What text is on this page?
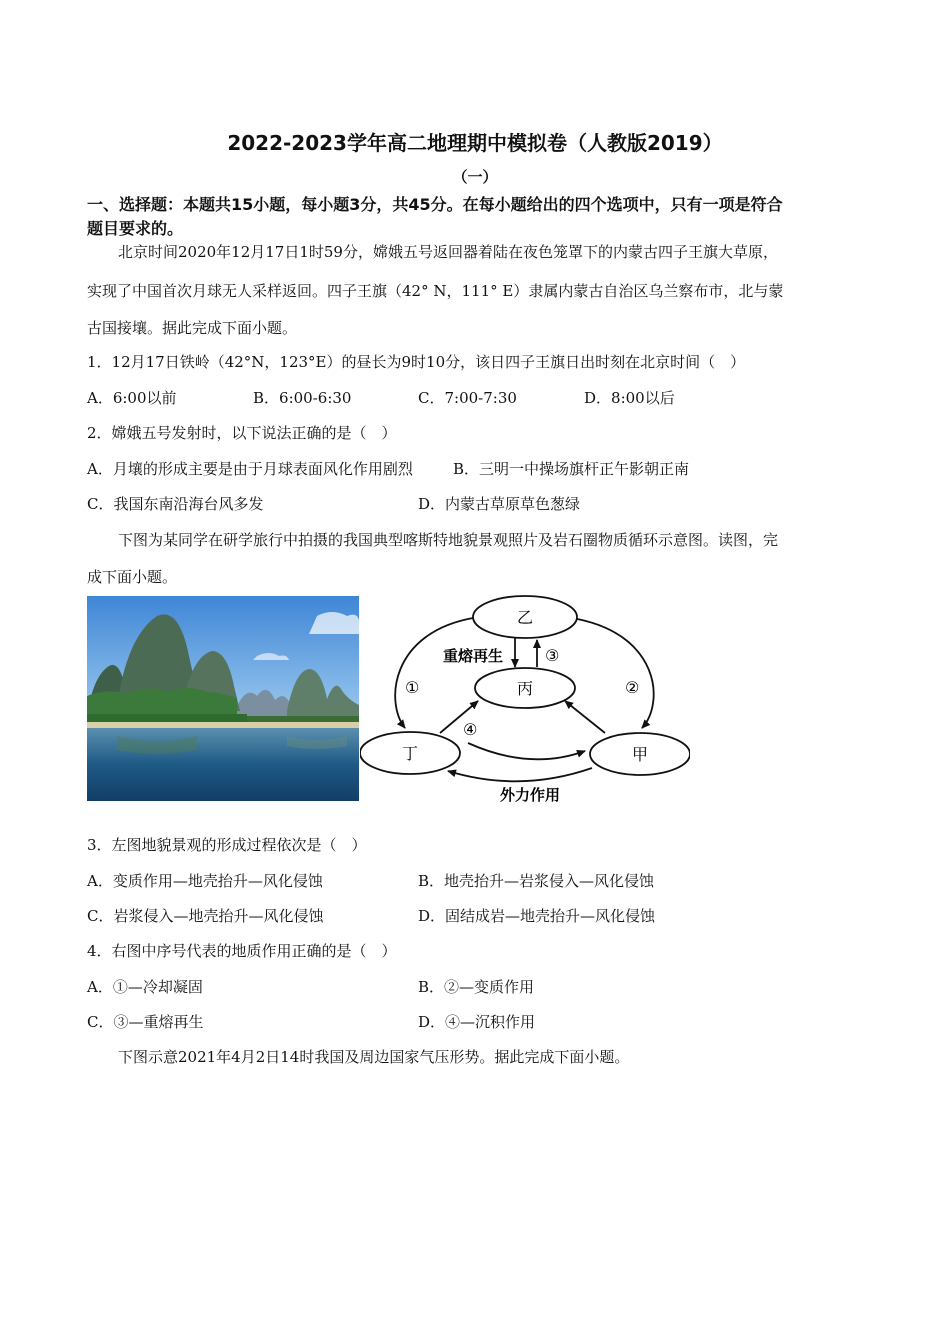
2022-2023学年高二地理期中模拟卷（人教版2019）
（一）
一、选择题：本题共15小题，每小题3分，共45分。在每小题给出的四个选项中，只有一项是符合
题目要求的。
北京时间2020年12月17日1时59分，嫦娥五号返回器着陆在夜色笼罩下的内蒙古四子王旗大草原，
实现了中国首次月球无人采样返回。四子王旗（42° N，111° E）隶属内蒙古自治区乌兰察布市，北与蒙
古国接壤。据此完成下面小题。
1．12月17日铁岭（42°N，123°E）的昼长为9时10分，该日四子王旗日出时刻在北京时间（　）
A．6:00以前	B．6:00-6:30	C．7:00-7:30	D．8:00以后
2．嫦娥五号发射时，以下说法正确的是（　）
A．月壤的形成主要是由于月球表面风化作用剧烈	B．三明一中操场旗杆正午影朝正南
C．我国东南沿海台风多发	D．内蒙古草原草色葱绿
下图为某同学在研学旅行中拍摄的我国典型喀斯特地貌景观照片及岩石圈物质循环示意图。读图，完
成下面小题。
乙
丙
丁	甲
重熔再生
外力作用
①	②
③
④
3．左图地貌景观的形成过程依次是（　）
A．变质作用—地壳抬升—风化侵蚀	B．地壳抬升—岩浆侵入—风化侵蚀
C．岩浆侵入—地壳抬升—风化侵蚀	D．固结成岩—地壳抬升—风化侵蚀
4．右图中序号代表的地质作用正确的是（　）
A．①—冷却凝固	B．②—变质作用
C．③—重熔再生	D．④—沉积作用
下图示意2021年4月2日14时我国及周边国家气压形势。据此完成下面小题。
